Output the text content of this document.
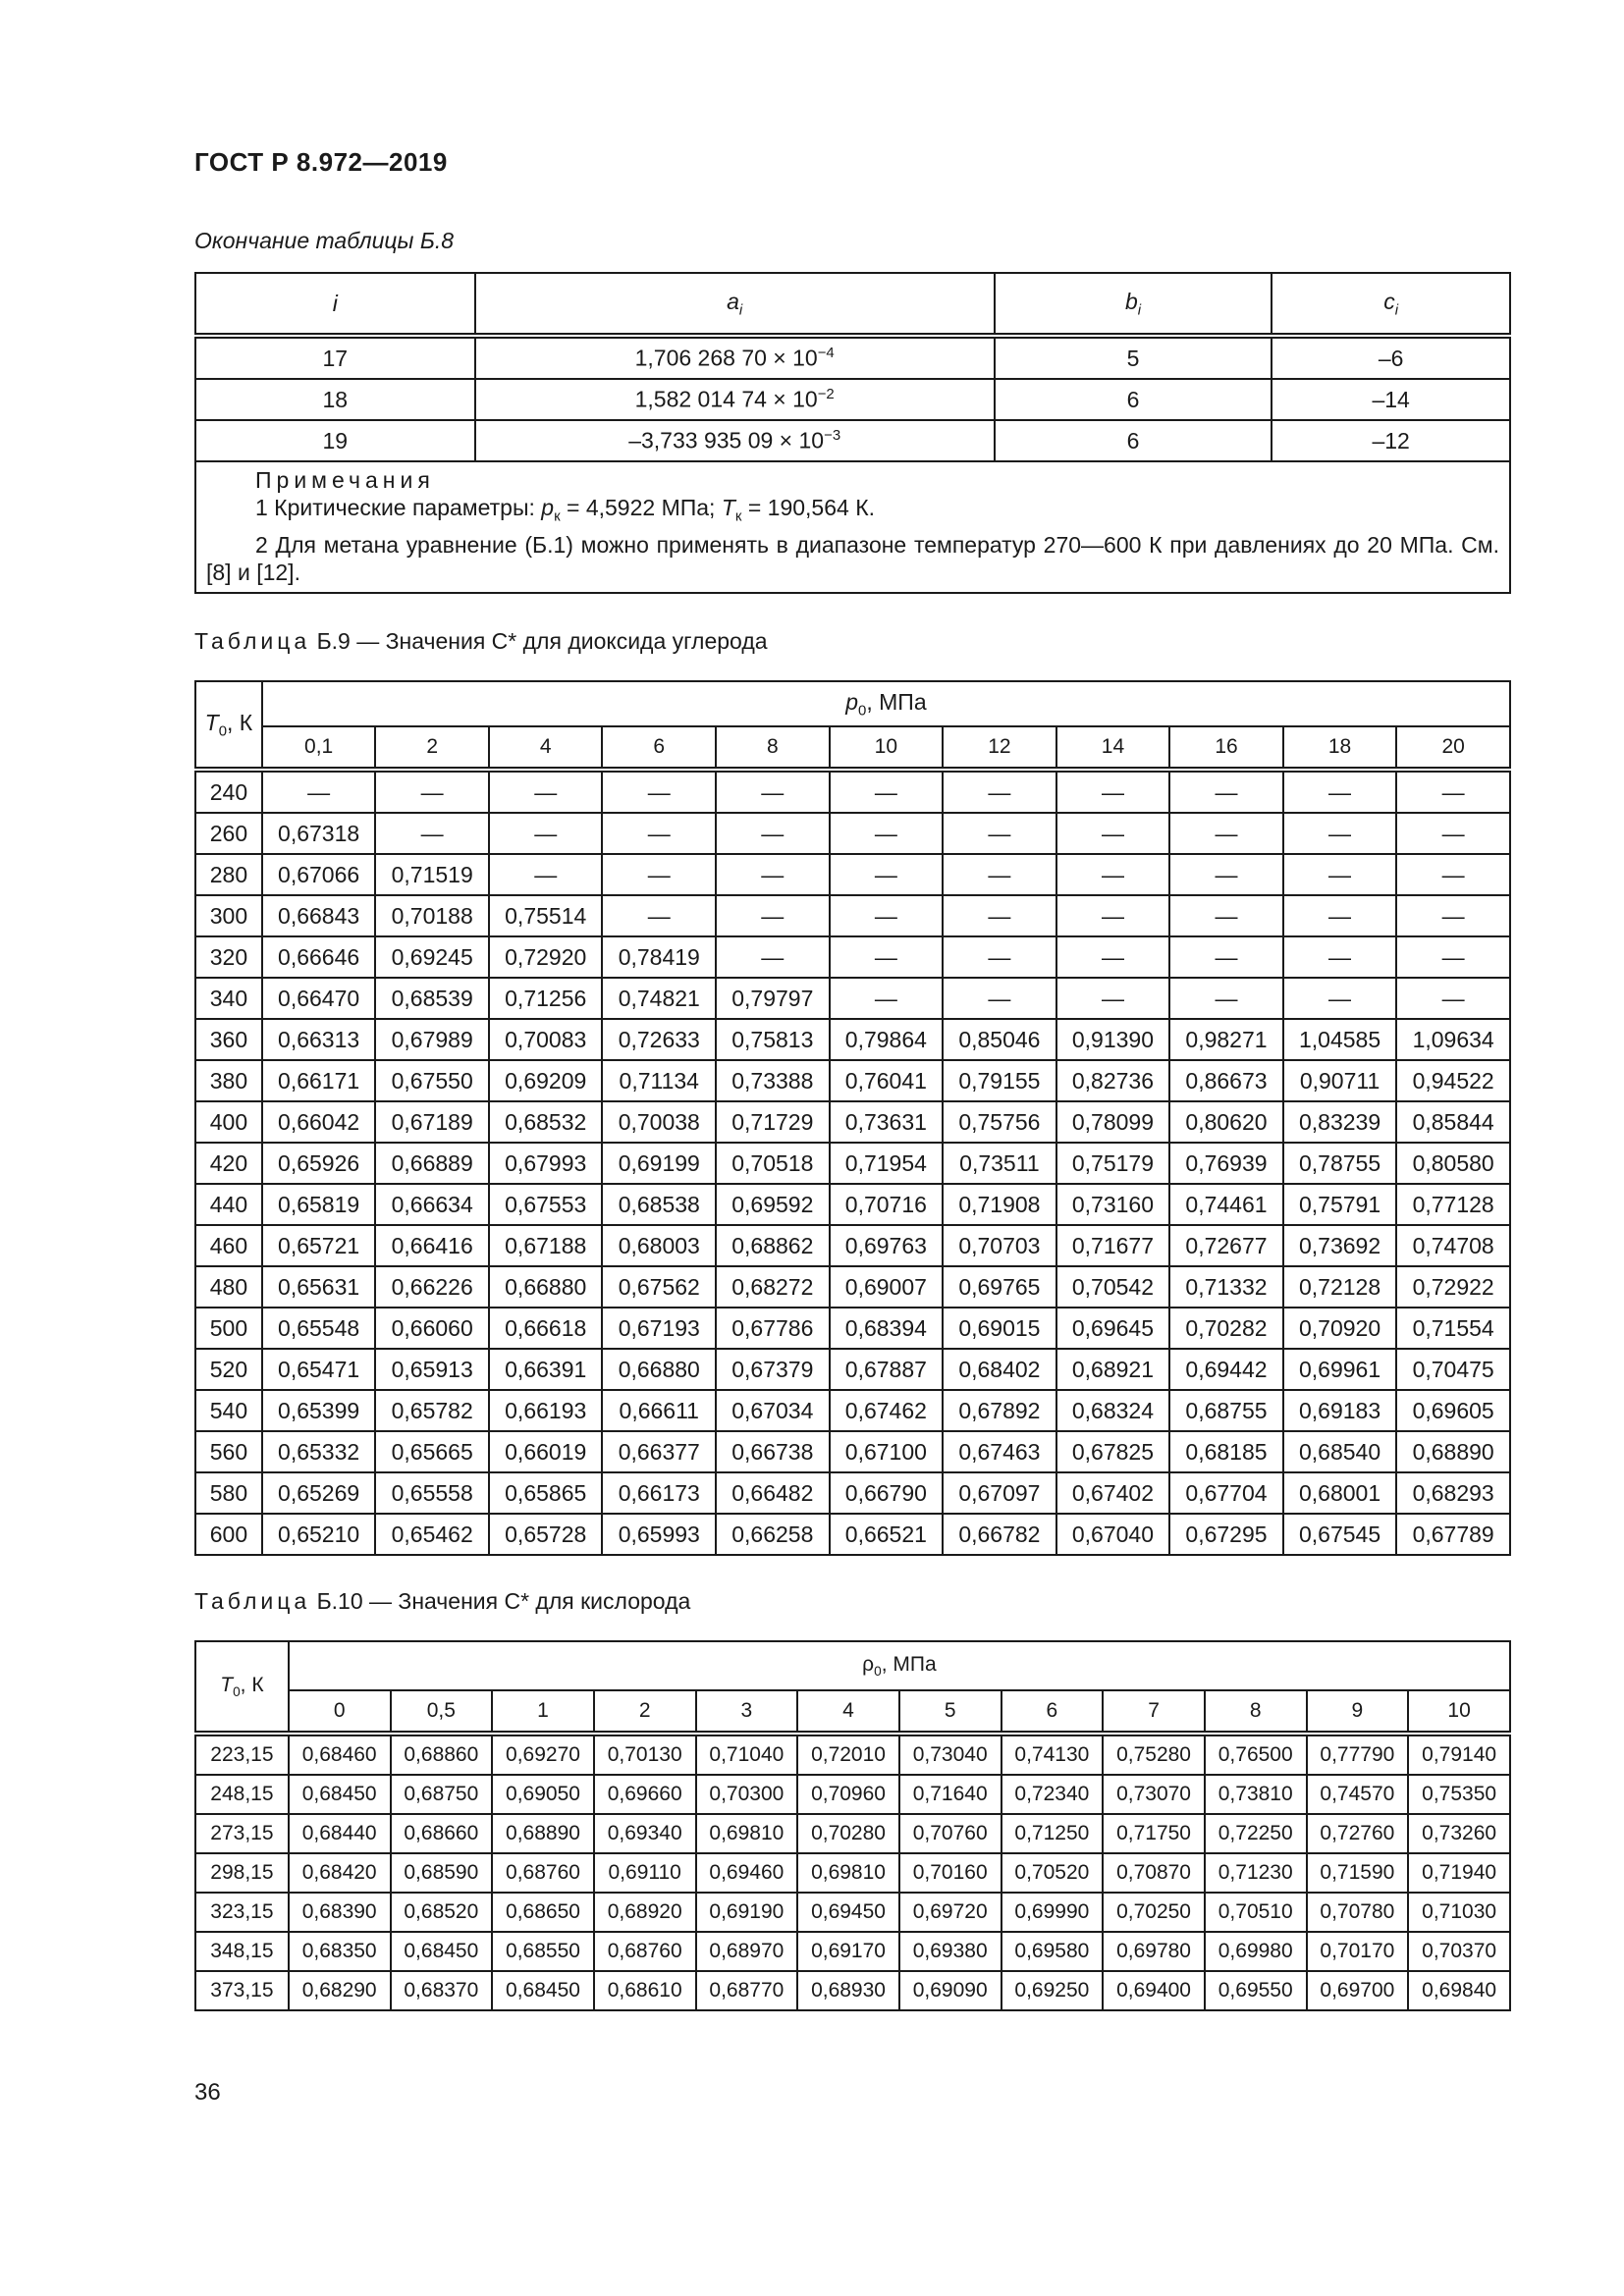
ГОСТ Р 8.972—2019
Окончание таблицы Б.8
i	$a_i$	$b_i$	$c_i$
17	1,706 268 $70 \times 10^{-4}$	5	–6
18	1,582 014 $74 \times 10^{-2}$	6	–14
19	–3,733 935 $09 \times 10^{-3}$	6	–12

Примечания
1 Критические параметры: $p_к = 4,5922$ МПа; $T_к = 190,564$ К.
2 Для метана уравнение (Б.1) можно применять в диапазоне температур 270—600 К при давлениях до 20 МПа. См. [8] и [12].			
Таблица Б.9 — Значения C* для диоксида углерода
$T_0$, К	$p_0$, МПа										
	0,1	2	4	6	8	10	12	14	16	18	20
240	—	—	—	—	—	—	—	—	—	—	—
260	0,67318	—	—	—	—	—	—	—	—	—	—
280	0,67066	0,71519	—	—	—	—	—	—	—	—	—
300	0,66843	0,70188	0,75514	—	—	—	—	—	—	—	—
320	0,66646	0,69245	0,72920	0,78419	—	—	—	—	—	—	—
340	0,66470	0,68539	0,71256	0,74821	0,79797	—	—	—	—	—	—
360	0,66313	0,67989	0,70083	0,72633	0,75813	0,79864	0,85046	0,91390	0,98271	1,04585	1,09634
380	0,66171	0,67550	0,69209	0,71134	0,73388	0,76041	0,79155	0,82736	0,86673	0,90711	0,94522
400	0,66042	0,67189	0,68532	0,70038	0,71729	0,73631	0,75756	0,78099	0,80620	0,83239	0,85844
420	0,65926	0,66889	0,67993	0,69199	0,70518	0,71954	0,73511	0,75179	0,76939	0,78755	0,80580
440	0,65819	0,66634	0,67553	0,68538	0,69592	0,70716	0,71908	0,73160	0,74461	0,75791	0,77128
460	0,65721	0,66416	0,67188	0,68003	0,68862	0,69763	0,70703	0,71677	0,72677	0,73692	0,74708
480	0,65631	0,66226	0,66880	0,67562	0,68272	0,69007	0,69765	0,70542	0,71332	0,72128	0,72922
500	0,65548	0,66060	0,66618	0,67193	0,67786	0,68394	0,69015	0,69645	0,70282	0,70920	0,71554
520	0,65471	0,65913	0,66391	0,66880	0,67379	0,67887	0,68402	0,68921	0,69442	0,69961	0,70475
540	0,65399	0,65782	0,66193	0,66611	0,67034	0,67462	0,67892	0,68324	0,68755	0,69183	0,69605
560	0,65332	0,65665	0,66019	0,66377	0,66738	0,67100	0,67463	0,67825	0,68185	0,68540	0,68890
580	0,65269	0,65558	0,65865	0,66173	0,66482	0,66790	0,67097	0,67402	0,67704	0,68001	0,68293
600	0,65210	0,65462	0,65728	0,65993	0,66258	0,66521	0,66782	0,67040	0,67295	0,67545	0,67789
Таблица Б.10 — Значения C* для кислорода
$T_0$, К	$\rho_0$, МПа											
	0	0,5	1	2	3	4	5	6	7	8	9	10
223,15	0,68460	0,68860	0,69270	0,70130	0,71040	0,72010	0,73040	0,74130	0,75280	0,76500	0,77790	0,79140
248,15	0,68450	0,68750	0,69050	0,69660	0,70300	0,70960	0,71640	0,72340	0,73070	0,73810	0,74570	0,75350
273,15	0,68440	0,68660	0,68890	0,69340	0,69810	0,70280	0,70760	0,71250	0,71750	0,72250	0,72760	0,73260
298,15	0,68420	0,68590	0,68760	0,69110	0,69460	0,69810	0,70160	0,70520	0,70870	0,71230	0,71590	0,71940
323,15	0,68390	0,68520	0,68650	0,68920	0,69190	0,69450	0,69720	0,69990	0,70250	0,70510	0,70780	0,71030
348,15	0,68350	0,68450	0,68550	0,68760	0,68970	0,69170	0,69380	0,69580	0,69780	0,69980	0,70170	0,70370
373,15	0,68290	0,68370	0,68450	0,68610	0,68770	0,68930	0,69090	0,69250	0,69400	0,69550	0,69700	0,69840
36
